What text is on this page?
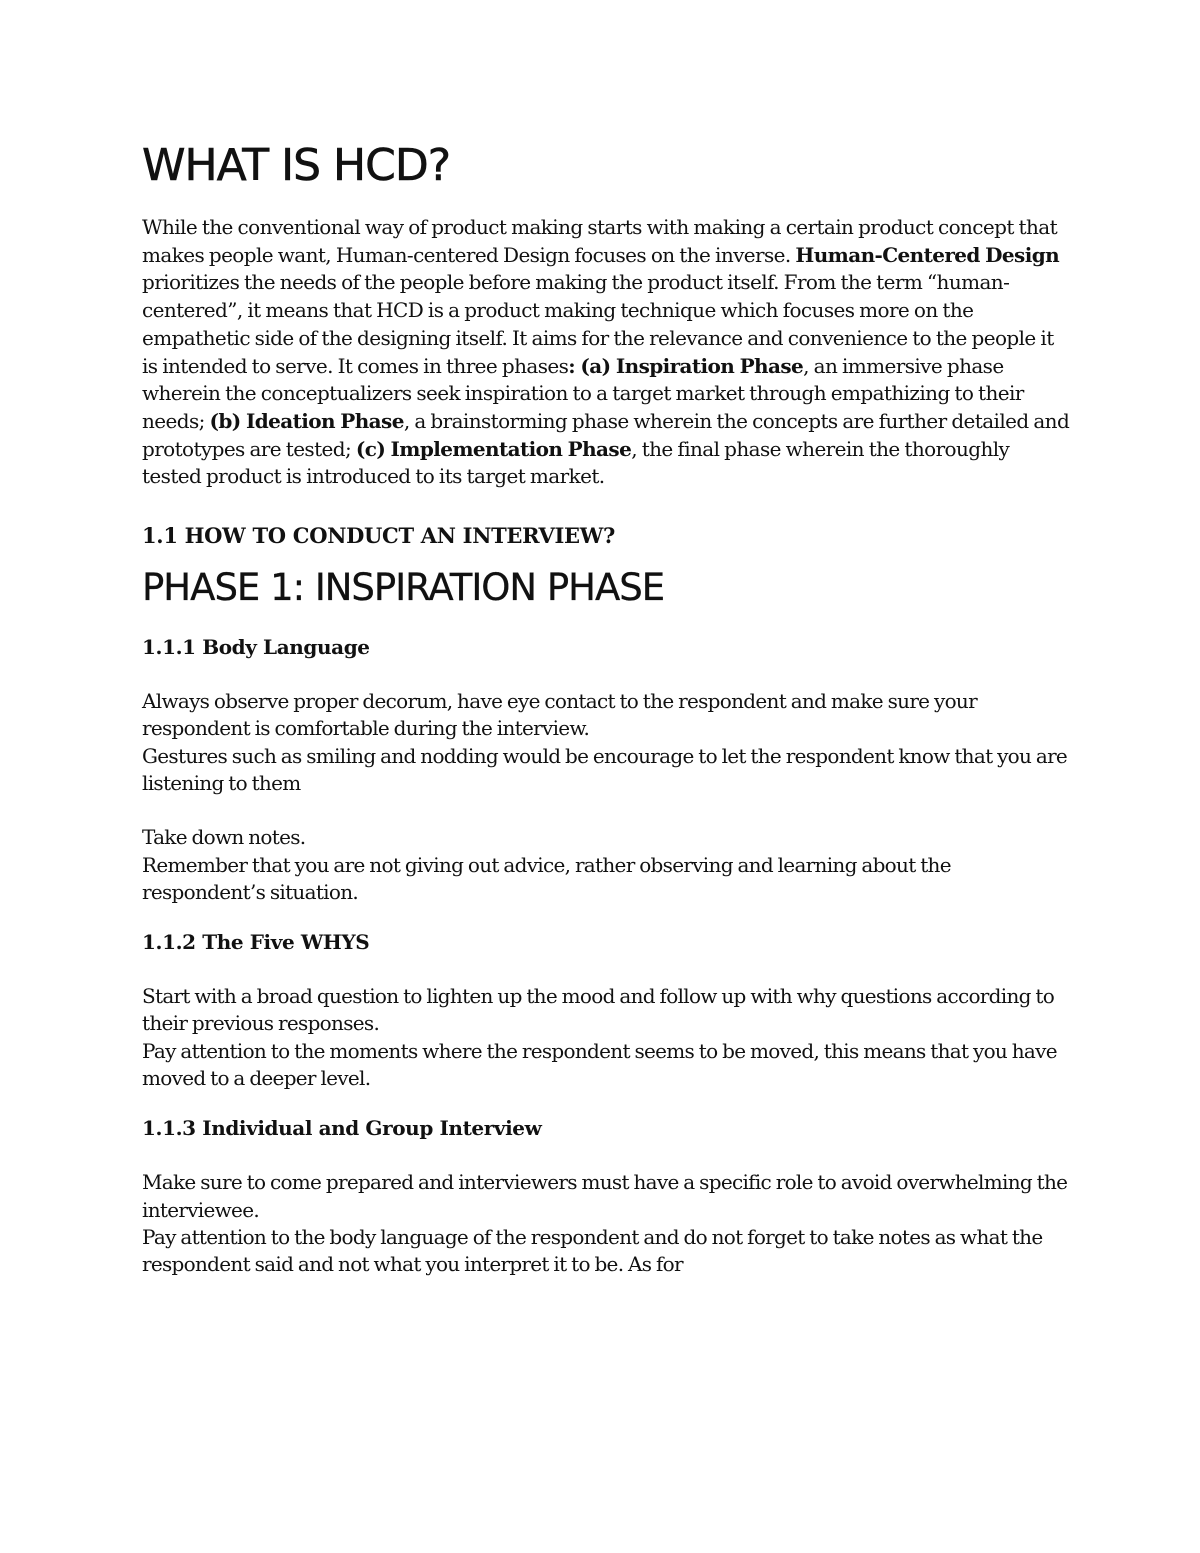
WHAT IS HCD?

While the conventional way of product making starts with making a certain product concept that makes people want, Human-centered Design focuses on the inverse. Human-Centered Design prioritizes the needs of the people before making the product itself. From the term “human-centered”, it means that HCD is a product making technique which focuses more on the empathetic side of the designing itself. It aims for the relevance and convenience to the people it is intended to serve. It comes in three phases: (a) Inspiration Phase, an immersive phase wherein the conceptualizers seek inspiration to a target market through empathizing to their needs; (b) Ideation Phase, a brainstorming phase wherein the concepts are further detailed and prototypes are tested; (c) Implementation Phase, the final phase wherein the thoroughly tested product is introduced to its target market.

1.1 HOW TO CONDUCT AN INTERVIEW?
PHASE 1: INSPIRATION PHASE
1.1.1 Body Language

Always observe proper decorum, have eye contact to the respondent and make sure your respondent is comfortable during the interview.

Gestures such as smiling and nodding would be encourage to let the respondent know that you are listening to them

Take down notes.

Remember that you are not giving out advice, rather observing and learning about the respondent’s situation.

1.1.2 The Five WHYS

Start with a broad question to lighten up the mood and follow up with why questions according to their previous responses.

Pay attention to the moments where the respondent seems to be moved, this means that you have moved to a deeper level.

1.1.3 Individual and Group Interview

Make sure to come prepared and interviewers must have a specific role to avoid overwhelming the interviewee.

Pay attention to the body language of the respondent and do not forget to take notes as what the respondent said and not what you interpret it to be. As for
